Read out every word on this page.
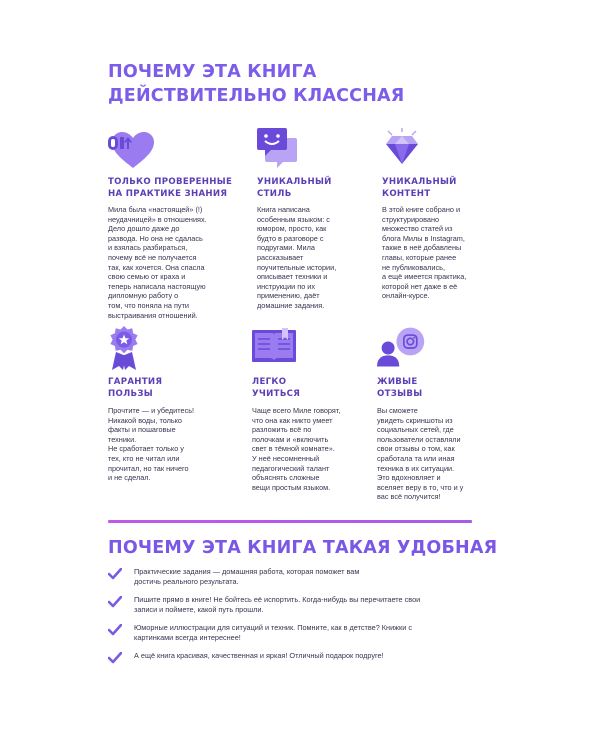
ПОЧЕМУ ЭТА КНИГА
ДЕЙСТВИТЕЛЬНО КЛАССНАЯ

ТОЛЬКО ПРОВЕРЕННЫЕ

НА ПРАКТИКЕ ЗНАНИЯ

Мила была «настоящей» (!)
неудачницей» в отношениях.
Дело дошло даже до
развода. Но она не сдалась
и взялась разбираться,
почему всё не получается
так, как хочется. Она спасла
свою семью от краха и
теперь написала настоящую
дипломную работу о
том, что поняла на пути
выстраивания отношений.

УНИКАЛЬНЫЙ

СТИЛЬ

Книга написана
особенным языком: с
юмором, просто, как
будто в разговоре с
подругами. Мила
рассказывает
поучительные истории,
описывает техники и
инструкции по их
применению, даёт
домашние задания.

УНИКАЛЬНЫЙ

КОНТЕНТ

В этой книге собрано и
структурировано
множество статей из
блога Милы в Instagram,
также в неё добавлены
главы, которые ранее
не публиковались,
а ещё имеется практика,
которой нет даже в её
онлайн-курсе.

ГАРАНТИЯ

ПОЛЬЗЫ

Прочтите — и убедитесь!
Никакой воды, только
факты и пошаговые
техники.
Не сработает только у
тех, кто не читал или
прочитал, но так ничего
и не сделал.

ЛЕГКО

УЧИТЬСЯ

Чаще всего Миле говорят,
что она как никто умеет
разложить всё по
полочкам и «включить
свет в тёмной комнате».
У неё несомненный
педагогический талант
объяснять сложные
вещи простым языком.

ЖИВЫЕ

ОТЗЫВЫ

Вы сможете
увидеть скриншоты из
социальных сетей, где
пользователи оставляли
свои отзывы о том, как
сработала та или иная
техника в их ситуации.
Это вдохновляет и
вселяет веру в то, что и у
вас всё получится!
ПОЧЕМУ ЭТА КНИГА ТАКАЯ УДОБНАЯ
Практические задания — домашняя работа, которая поможет вам
достичь реального результата.
Пишите прямо в книге! Не бойтесь её испортить. Когда-нибудь вы перечитаете свои
записи и поймете, какой путь прошли.
Юморные иллюстрации для ситуаций и техник. Помните, как в детстве? Книжки с
картинками всегда интереснее!
А ещё книга красивая, качественная и яркая! Отличный подарок подруге!
